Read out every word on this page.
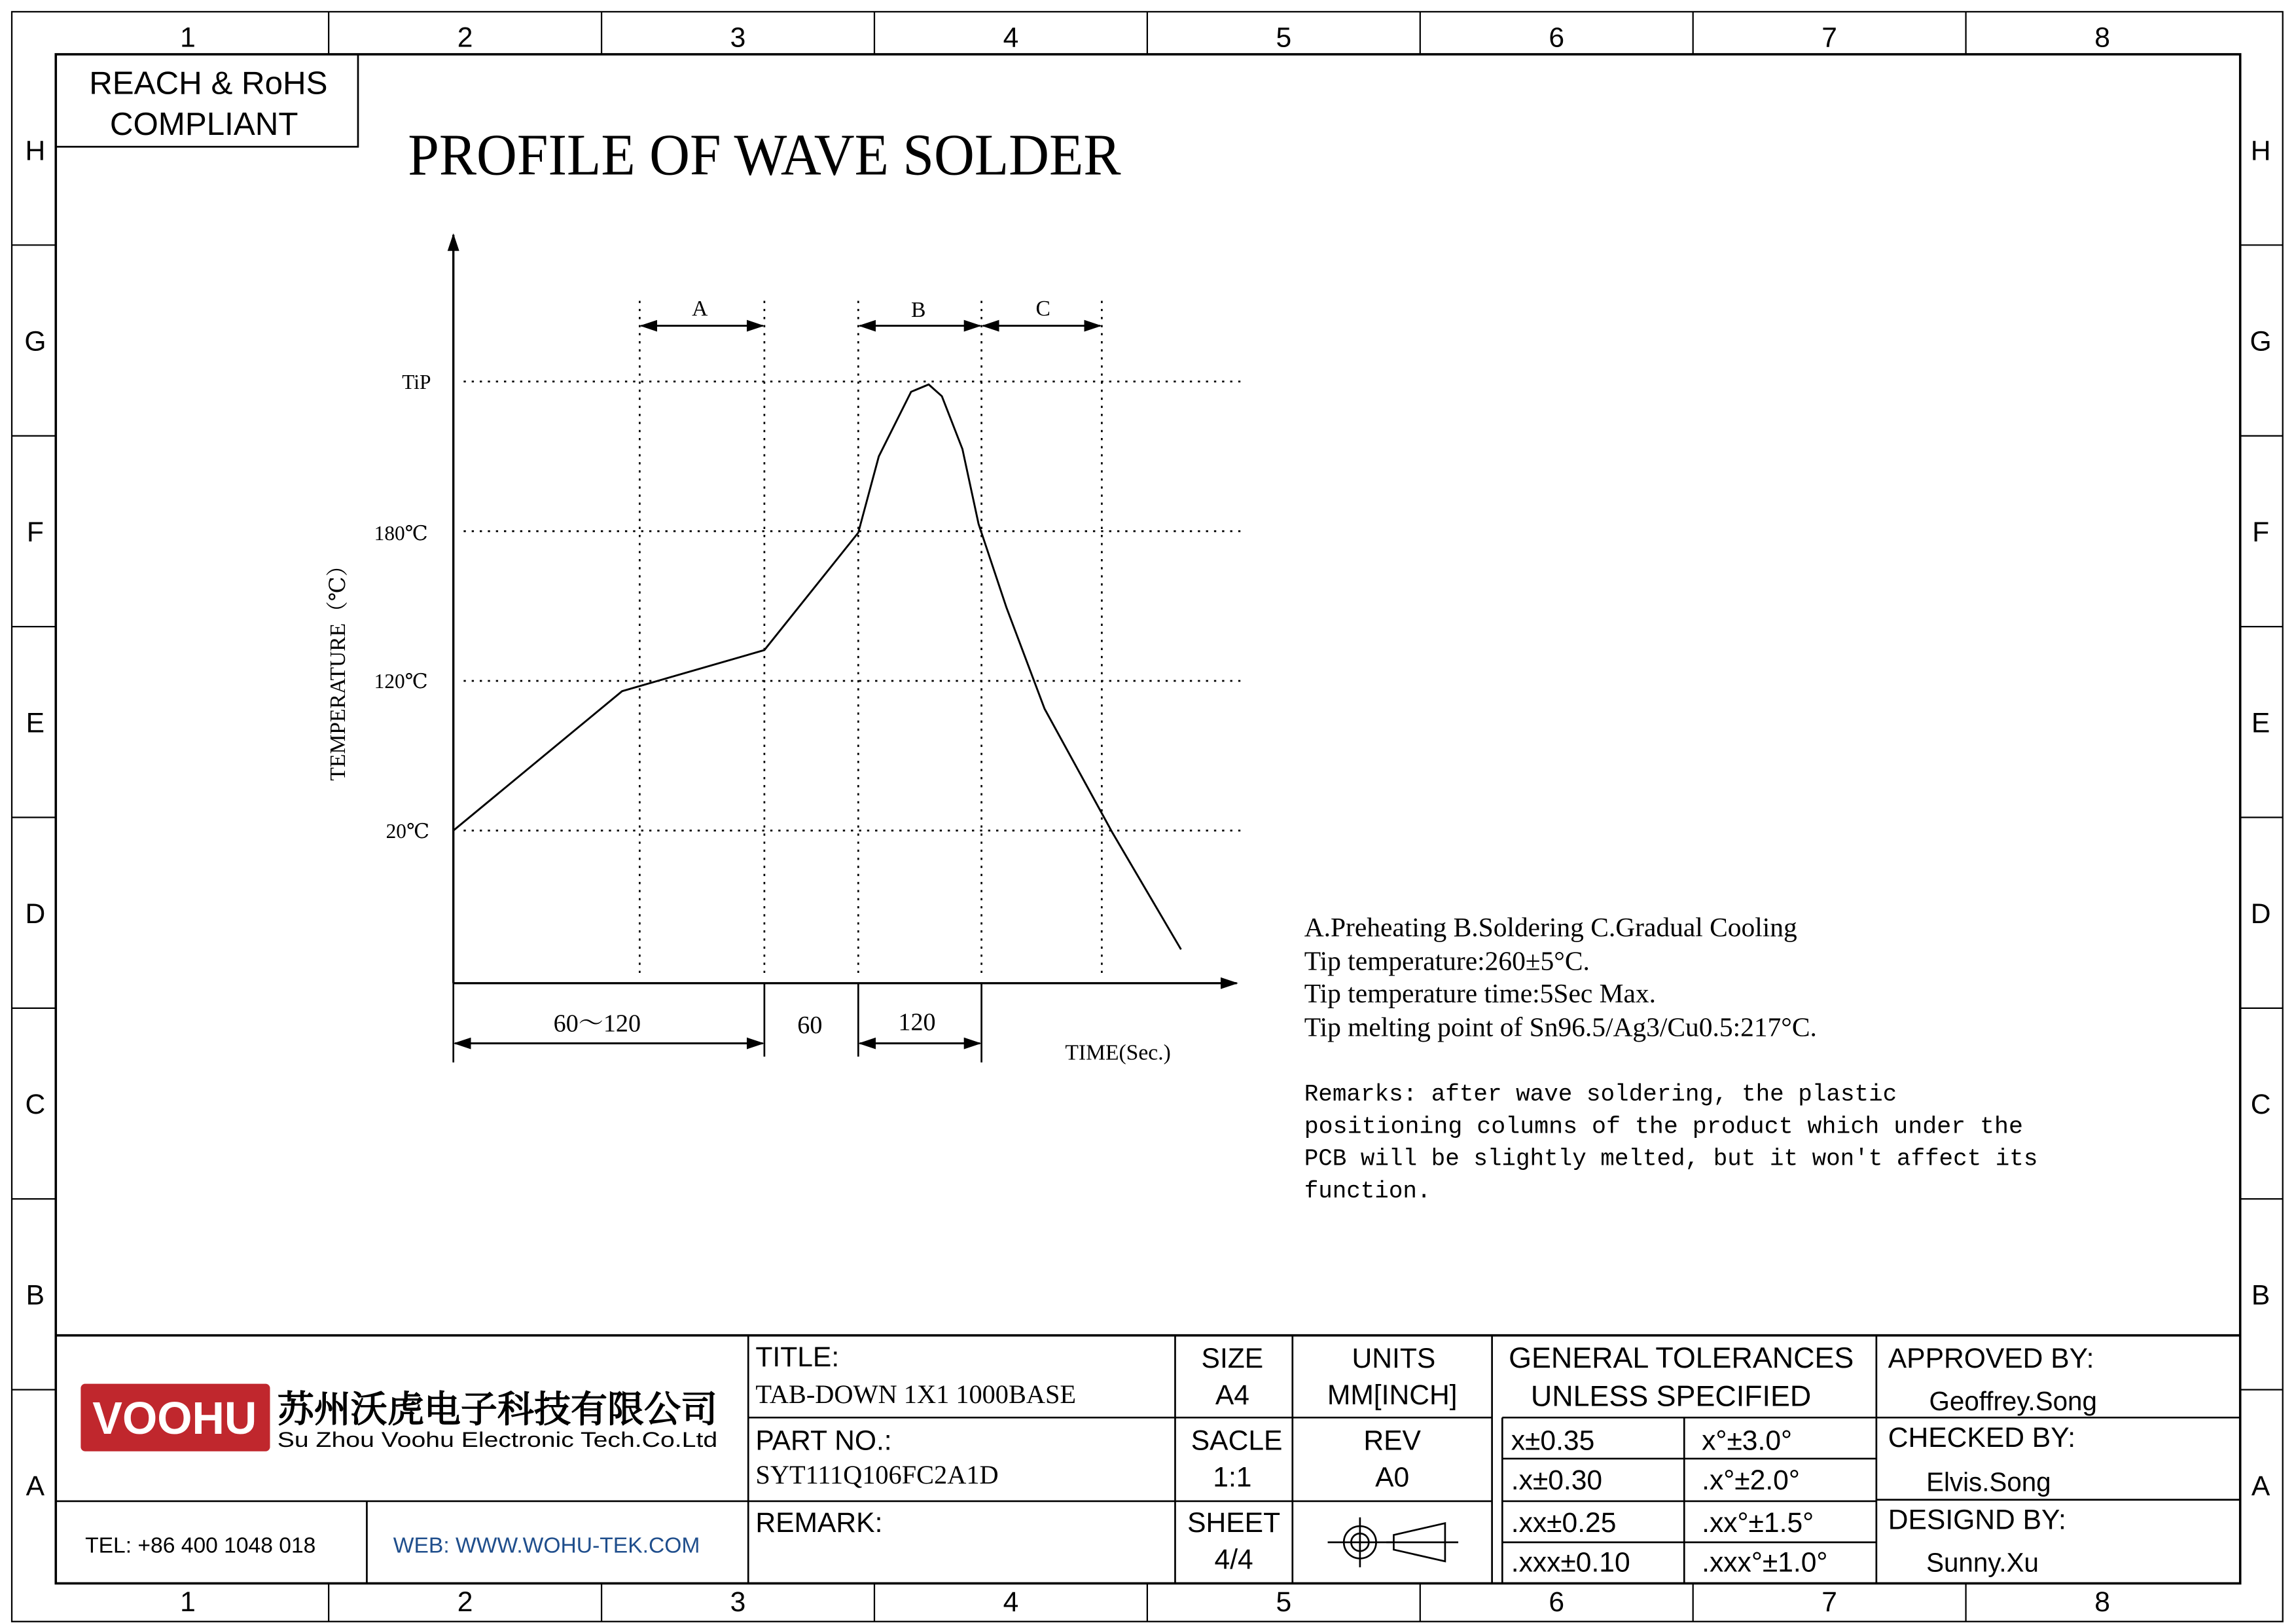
1	2	3	4	5	6	7	8
1	2	3	4	5	6	7	8
H
G
F
E
D
C
B
A
H
G
F
E
D
C
B
A
REACH & RoHS
COMPLIANT	PROFILE OF WAVE SOLDER
TiP
180℃
120℃
20℃
TEMPERATURE（℃）
A	B	C
60～120	60	120
TIME(Sec.)
A.Preheating B.Soldering C.Gradual Cooling
Tip temperature:260±5°C.
Tip temperature time:5Sec Max.
Tip melting point of Sn96.5/Ag3/Cu0.5:217°C.
Remarks: after wave soldering, the plastic
positioning columns of the product which under the
PCB will be slightly melted, but it won't affect its
function.
VOOHU 苏州沃虎电子科技有限公司
Su Zhou Voohu Electronic Tech.Co.Ltd
TEL: +86 400 1048 018	WEB: WWW.WOHU-TEK.COM
TITLE:
TAB-DOWN 1X1 1000BASE
PART NO.:
SYT111Q106FC2A1D
REMARK:
SIZE
A4
SACLE
1:1
SHEET
4/4
UNITS
MM[INCH]
REV
A0
GENERAL TOLERANCES
UNLESS SPECIFIED
x±0.35	x°±3.0°
.x±0.30	.x°±2.0°
.xx±0.25	.xx°±1.5°
.xxx±0.10	.xxx°±1.0°
APPROVED BY:
Geoffrey.Song
CHECKED BY:
Elvis.Song
DESIGND BY:
Sunny.Xu
